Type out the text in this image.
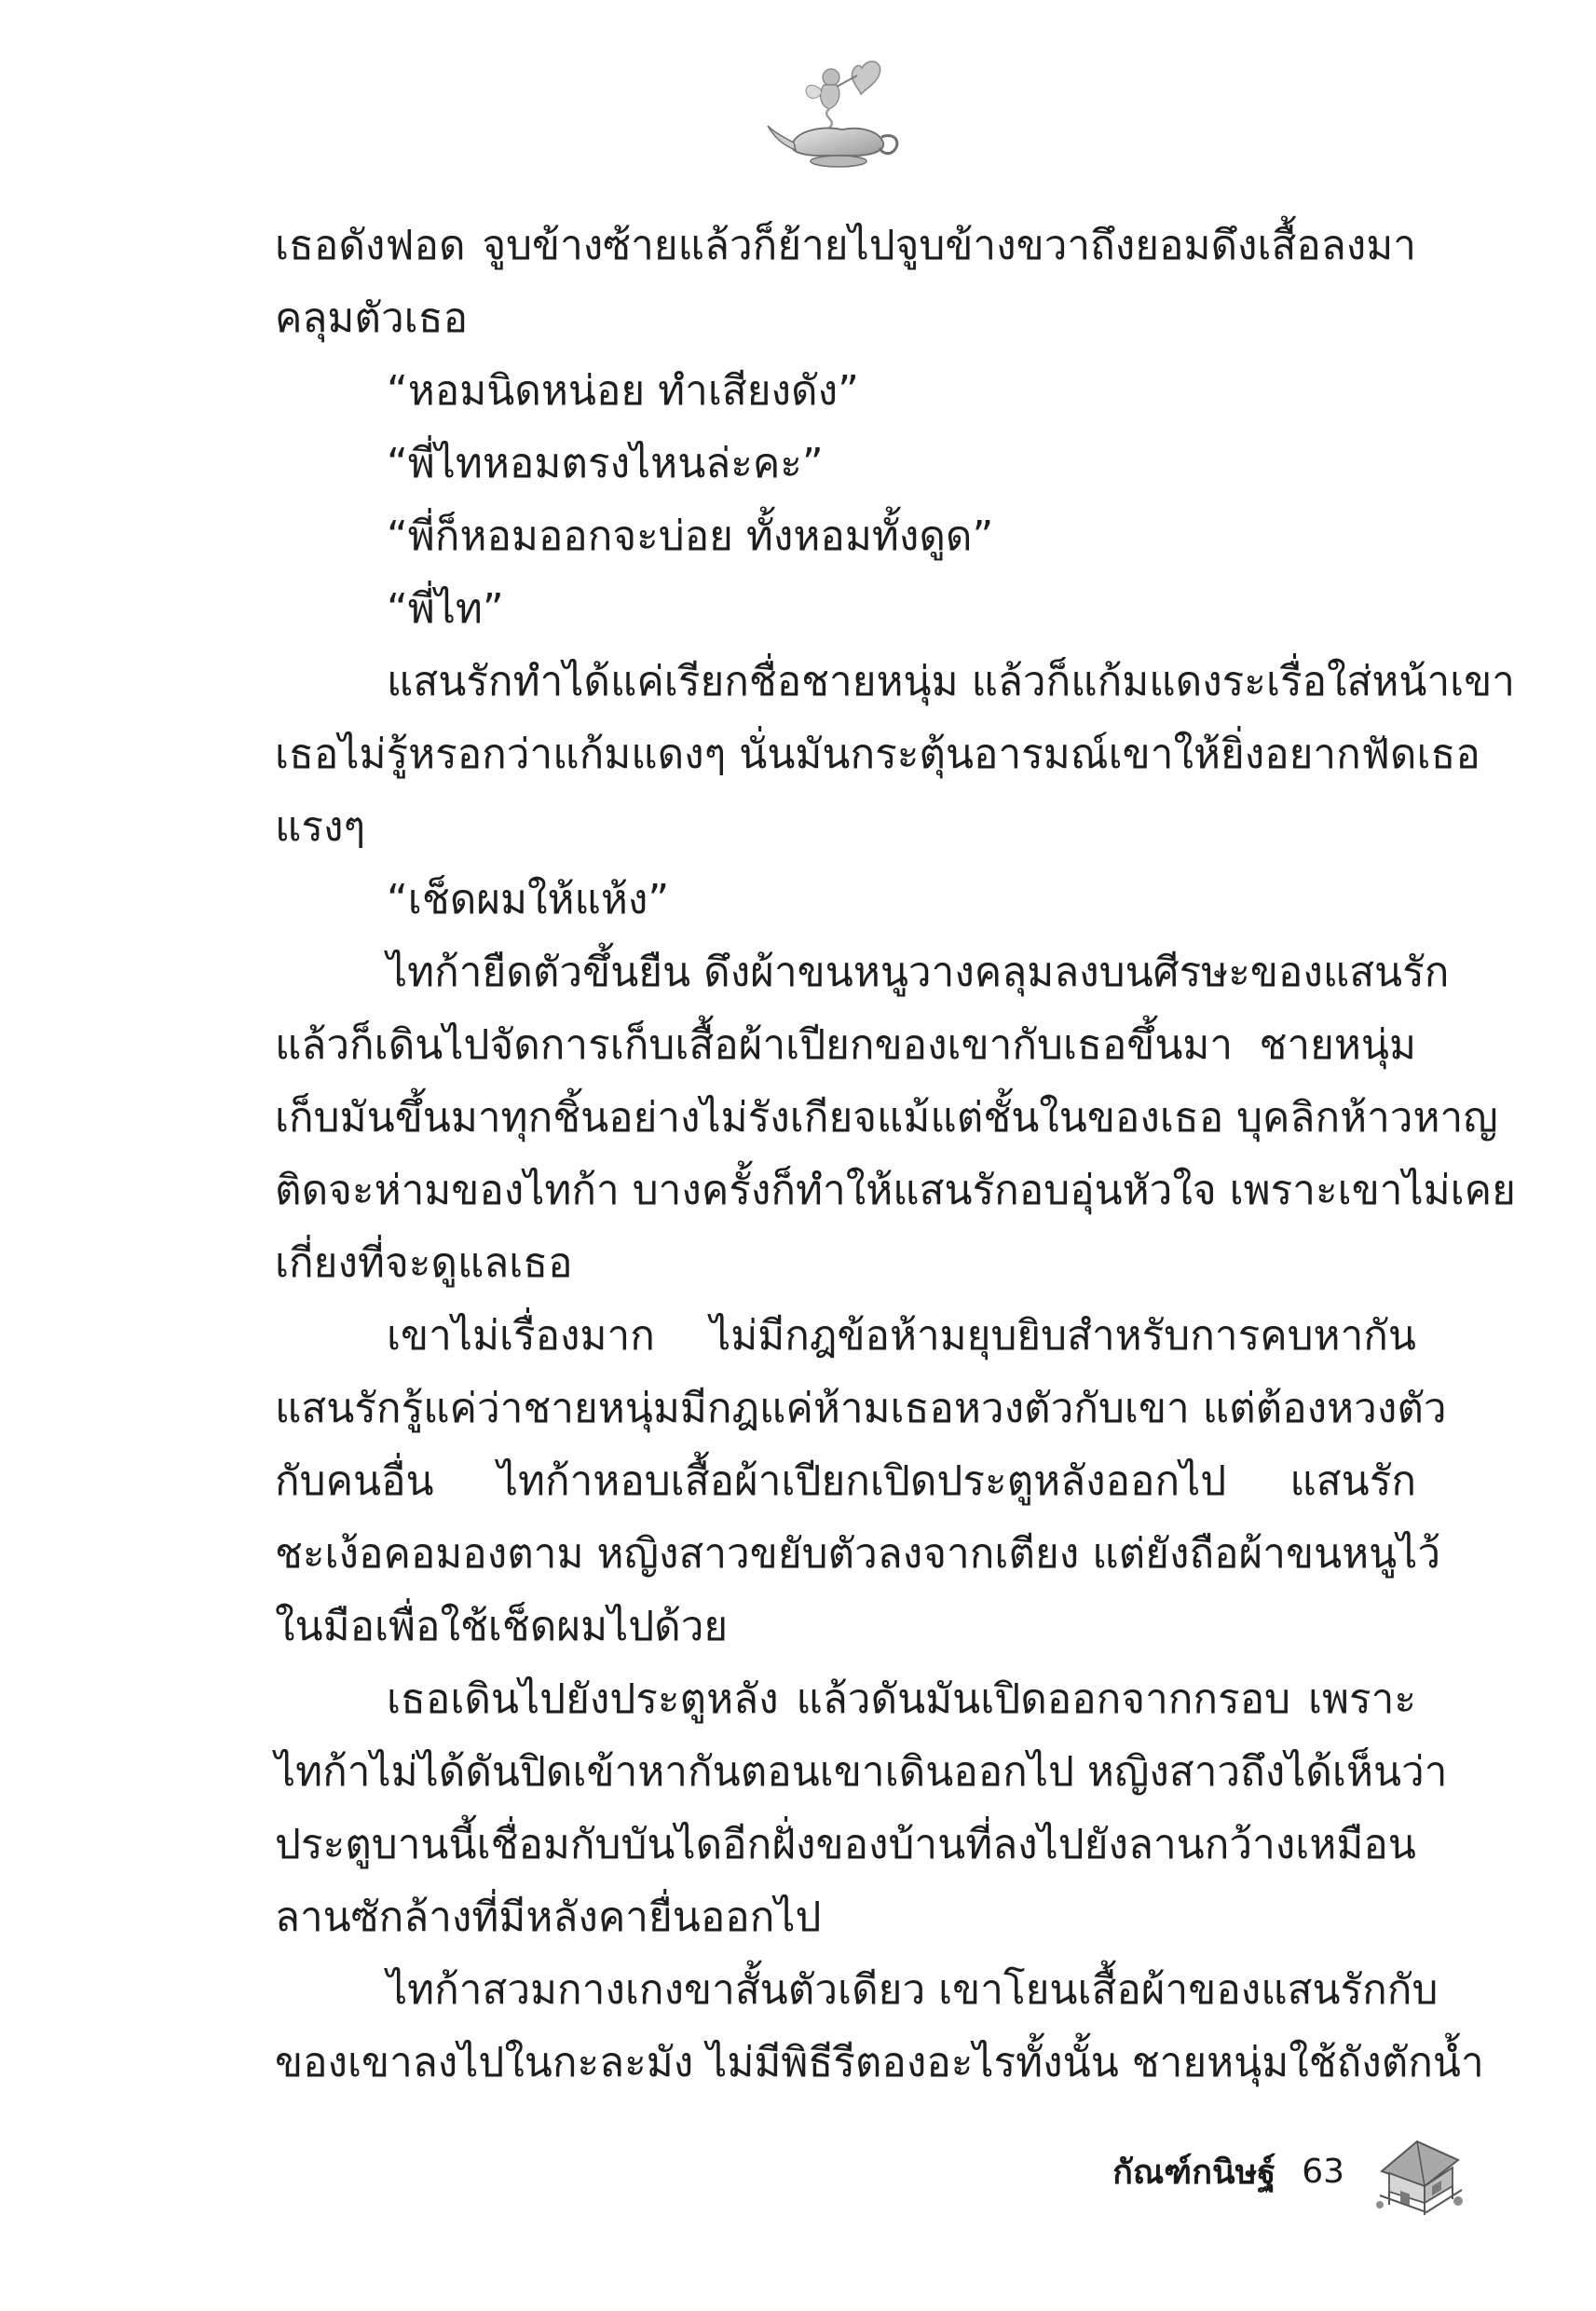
เธอดังฟอด จูบข้างซ้ายแล้วก็ย้ายไปจูบข้างขวาถึงยอมดึงเสื้อลงมา
คลุมตัวเธอ
“หอมนิดหน่อย ทำเสียงดัง”
“พี่ไทหอมตรงไหนล่ะคะ”
“พี่ก็หอมออกจะบ่อย ทั้งหอมทั้งดูด”
“พี่ไท”
แสนรักทำได้แค่เรียกชื่อชายหนุ่ม แล้วก็แก้มแดงระเรื่อใส่หน้าเขา
เธอไม่รู้หรอกว่าแก้มแดงๆ นั่นมันกระตุ้นอารมณ์เขาให้ยิ่งอยากฟัดเธอ
แรงๆ
“เช็ดผมให้แห้ง”
ไทก้ายืดตัวขึ้นยืน ดึงผ้าขนหนูวางคลุมลงบนศีรษะของแสนรัก
แล้วก็เดินไปจัดการเก็บเสื้อผ้าเปียกของเขากับเธอขึ้นมา ชายหนุ่ม
เก็บมันขึ้นมาทุกชิ้นอย่างไม่รังเกียจแม้แต่ชั้นในของเธอ บุคลิกห้าวหาญ
ติดจะห่ามของไทก้า บางครั้งก็ทำให้แสนรักอบอุ่นหัวใจ เพราะเขาไม่เคย
เกี่ยงที่จะดูแลเธอ
เขาไม่เรื่องมาก ไม่มีกฎข้อห้ามยุบยิบสำหรับการคบหากัน
แสนรักรู้แค่ว่าชายหนุ่มมีกฎแค่ห้ามเธอหวงตัวกับเขา แต่ต้องหวงตัว
กับคนอื่น ไทก้าหอบเสื้อผ้าเปียกเปิดประตูหลังออกไป แสนรัก
ชะเง้อคอมองตาม หญิงสาวขยับตัวลงจากเตียง แต่ยังถือผ้าขนหนูไว้
ในมือเพื่อใช้เช็ดผมไปด้วย
เธอเดินไปยังประตูหลัง แล้วดันมันเปิดออกจากกรอบ เพราะ
ไทก้าไม่ได้ดันปิดเข้าหากันตอนเขาเดินออกไป หญิงสาวถึงได้เห็นว่า
ประตูบานนี้เชื่อมกับบันไดอีกฝั่งของบ้านที่ลงไปยังลานกว้างเหมือน
ลานซักล้างที่มีหลังคายื่นออกไป
ไทก้าสวมกางเกงขาสั้นตัวเดียว เขาโยนเสื้อผ้าของแสนรักกับ
ของเขาลงไปในกะละมัง ไม่มีพิธีรีตองอะไรทั้งนั้น ชายหนุ่มใช้ถังตักน้ำ
กัณฑ์กนิษฐ์ 63
